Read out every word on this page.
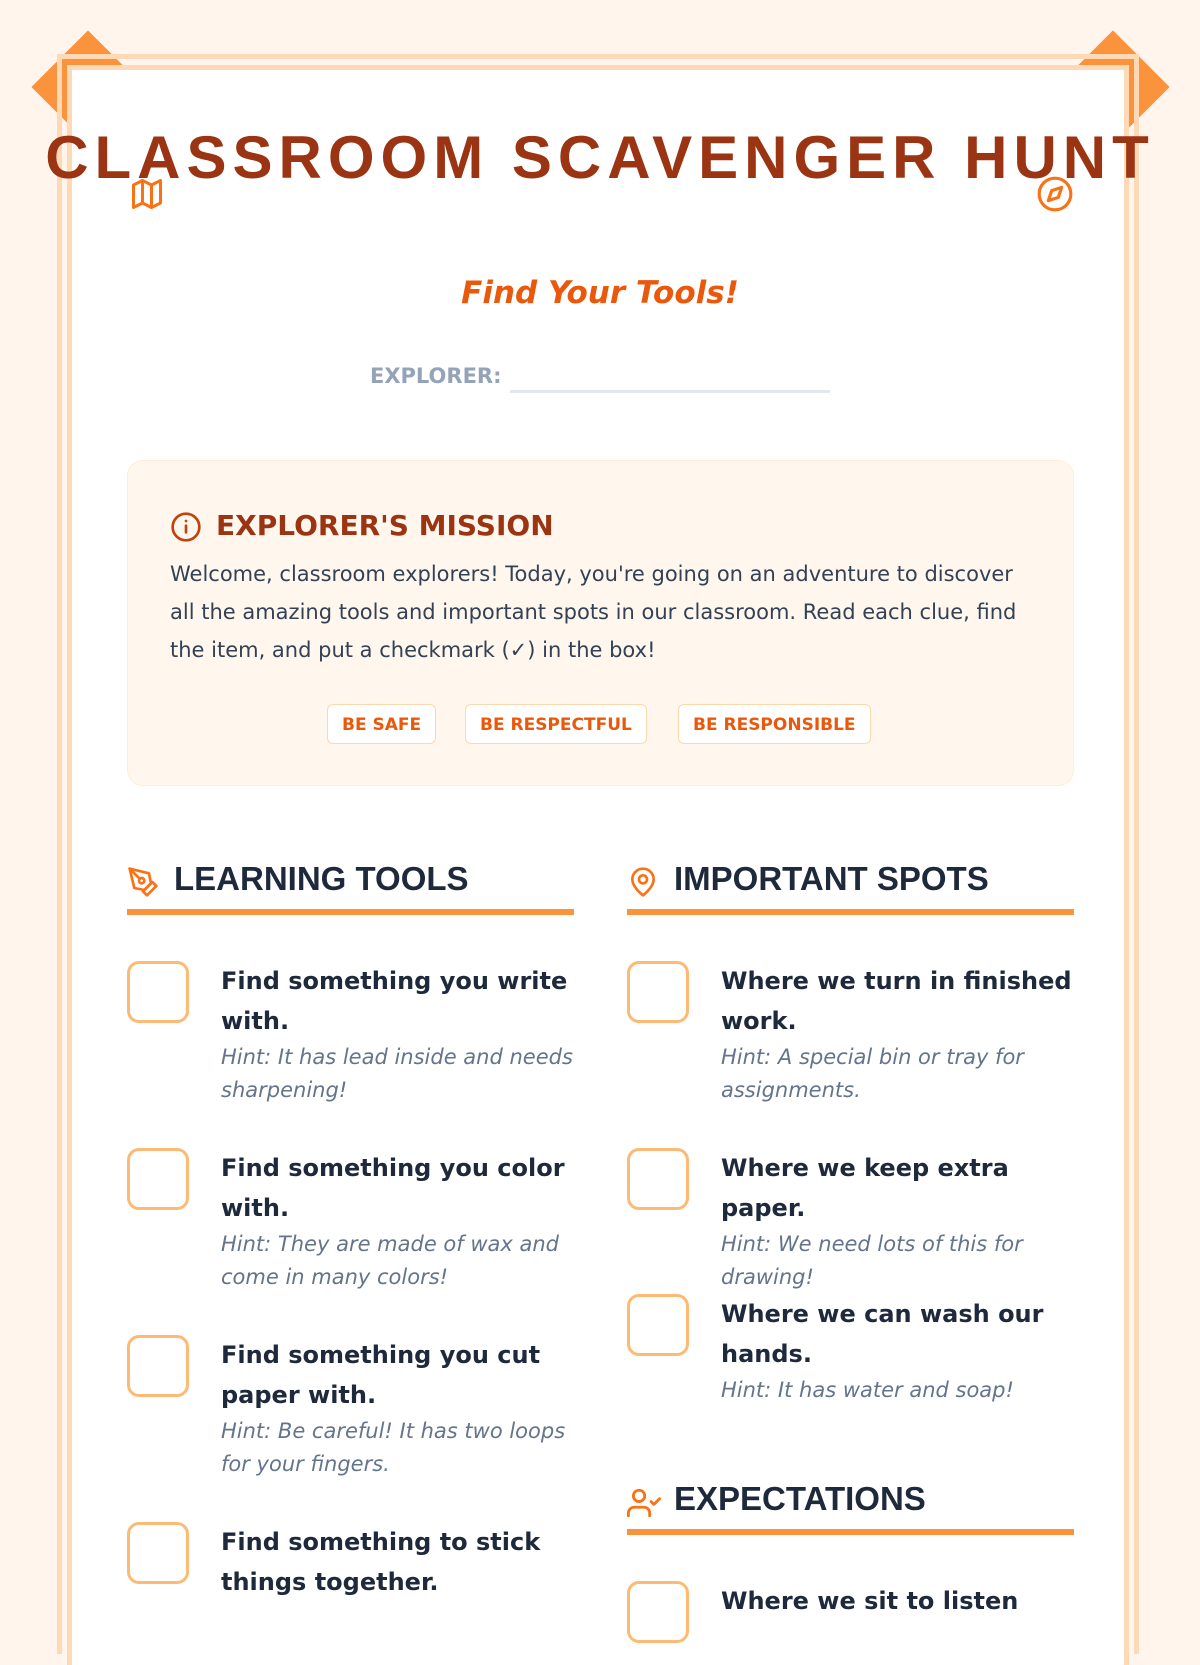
CLASSROOM SCAVENGER HUNT
Find Your Tools!
EXPLORER:
EXPLORER'S MISSION

Welcome, classroom explorers! Today, you're going on an adventure to discover all the amazing tools and important spots in our classroom. Read each clue, find the item, and put a checkmark (✓) in the box!

BE SAFE	BE RESPECTFUL	BE RESPONSIBLE
LEARNING TOOLS
Find something you write with.
Hint: It has lead inside and needs sharpening!
Find something you color with.
Hint: They are made of wax and come in many colors!
Find something you cut paper with.
Hint: Be careful! It has two loops for your fingers.
Find something to stick things together.
IMPORTANT SPOTS
Where we turn in finished work.
Hint: A special bin or tray for assignments.
Where we keep extra paper.
Hint: We need lots of this for drawing!
Where we can wash our hands.
Hint: It has water and soap!
EXPECTATIONS
Where we sit to listen
